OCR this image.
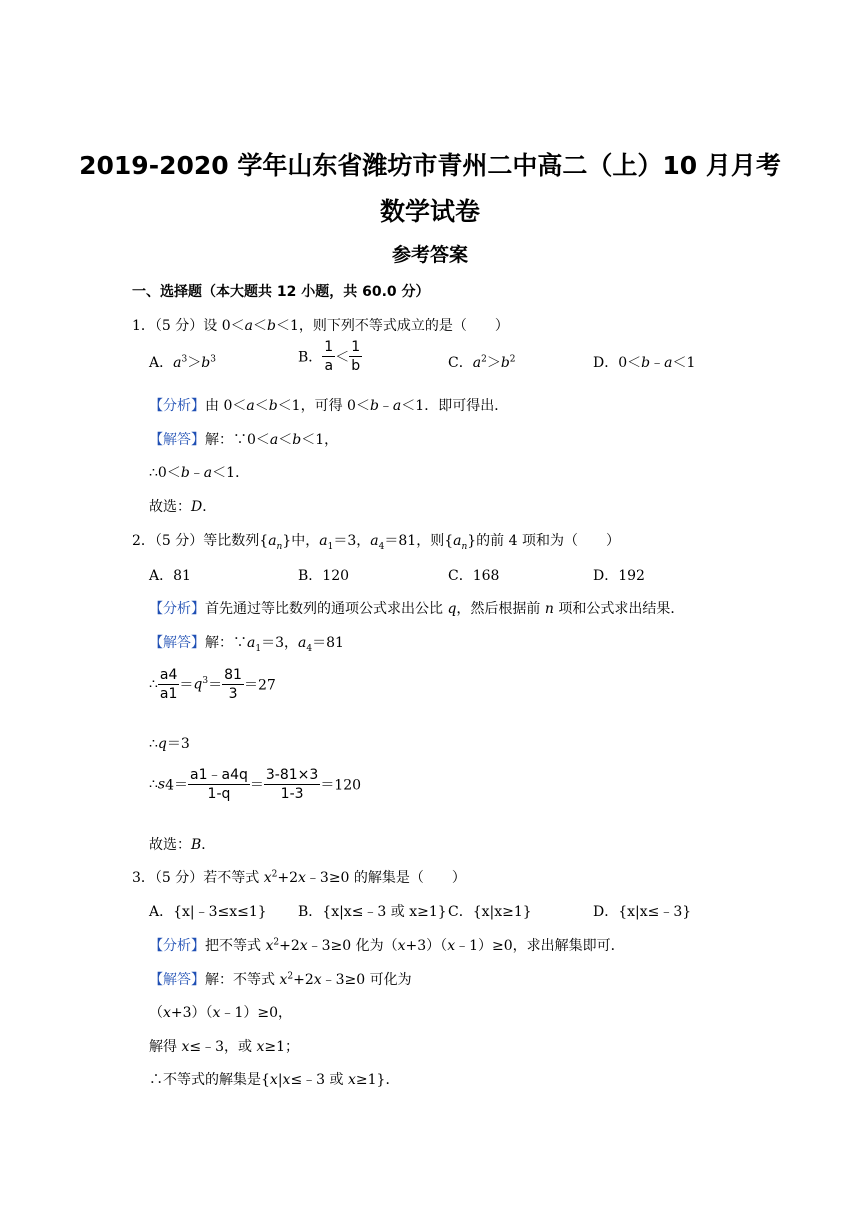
2019-2020 学年山东省潍坊市青州二中高二（上）10 月月考
数学试卷
参考答案
一、选择题（本大题共 12 小题，共 60.0 分）
1．（5 分）设 0＜a＜b＜1，则下列不等式成立的是（　　）
A．$a^3>b^3$	B． $\frac{1}{a} < \frac{1}{b}$	C．$a^2>b^2$	D．0＜b﹣a＜1
【分析】由 0＜a＜b＜1，可得 0＜b﹣a＜1．即可得出．
【解答】解：∵0＜a＜b＜1，
∴0＜b﹣a＜1．
故选：D．
2．（5 分）等比数列$\{a_n\}$中，$a_1=3$，$a_4=81$，则$\{a_n\}$的前 4 项和为（　　）
A．81	B．120	C．168	D．192
【分析】首先通过等比数列的通项公式求出公比 q，然后根据前 n 项和公式求出结果．
【解答】解：$\because a_1=3$，$a_4=81$
∴ $\frac{a4}{a1} =q^3= \frac{81}{3} =27$
∴q＝3
∴s4＝ $\frac{a1﹣a4q}{1-q} = \frac{3-81\times 3}{1-3} =120$
故选：B．
3．（5 分）若不等式 $x^2+2x﹣3\ge 0$ 的解集是（　　）
A．{x|﹣3≤x≤1} B．{x|x≤﹣3 或 x≥1} C．{x|x≥1}	D．{x|x≤﹣3}
【分析】把不等式 $x^2+2x﹣3\ge 0$ 化为（x+3）（x﹣1）≥0，求出解集即可．
【解答】解：不等式 $x^2+2x﹣3\ge 0$ 可化为
（x+3）（x﹣1）≥0，
解得 x≤﹣3，或 x≥1；
∴不等式的解集是{x|x≤﹣3 或 x≥1}．
